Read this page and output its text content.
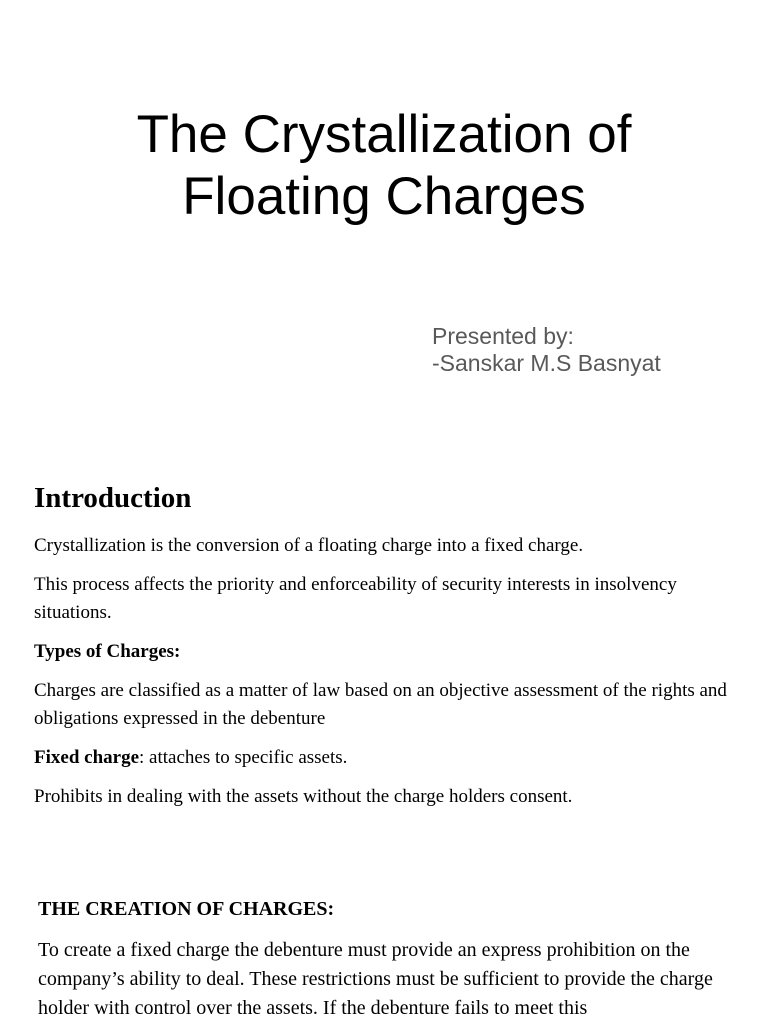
The Crystallization of
Floating Charges
Presented by:
-Sanskar M.S Basnyat
Introduction

Crystallization is the conversion of a floating charge into a fixed charge.

This process affects the priority and enforceability of security interests in insolvency situations.

Types of Charges:

Charges are classified as a matter of law based on an objective assessment of the rights and obligations expressed in the debenture

Fixed charge: attaches to specific assets.

Prohibits in dealing with the assets without the charge holders consent.

THE CREATION OF CHARGES:

To create a fixed charge the debenture must provide an express prohibition on the company’s ability to deal. These restrictions must be sufficient to provide the charge holder with control over the assets. If the debenture fails to meet this
